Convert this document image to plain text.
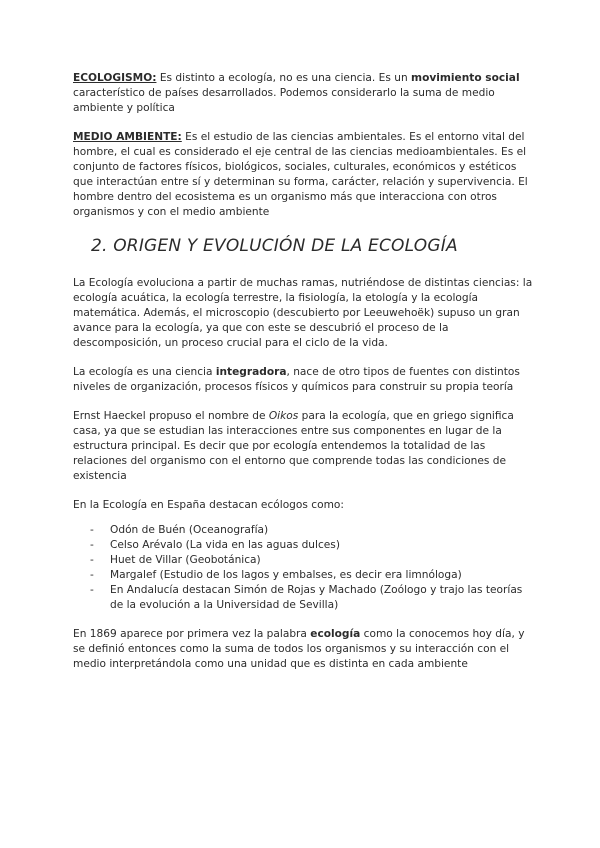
ECOLOGISMO: Es distinto a ecología, no es una ciencia. Es un movimiento social característico de países desarrollados. Podemos considerarlo la suma de medio ambiente y política

MEDIO AMBIENTE: Es el estudio de las ciencias ambientales. Es el entorno vital del hombre, el cual es considerado el eje central de las ciencias medioambientales. Es el conjunto de factores físicos, biológicos, sociales, culturales, económicos y estéticos que interactúan entre sí y determinan su forma, carácter, relación y supervivencia. El hombre dentro del ecosistema es un organismo más que interacciona con otros organismos y con el medio ambiente

2. ORIGEN Y EVOLUCIÓN DE LA ECOLOGÍA

La Ecología evoluciona a partir de muchas ramas, nutriéndose de distintas ciencias: la ecología acuática, la ecología terrestre, la fisiología, la etología y la ecología matemática. Además, el microscopio (descubierto por Leeuwehoëk) supuso un gran avance para la ecología, ya que con este se descubrió el proceso de la descomposición, un proceso crucial para el ciclo de la vida.

La ecología es una ciencia integradora, nace de otro tipos de fuentes con distintos niveles de organización, procesos físicos y químicos para construir su propia teoría

Ernst Haeckel propuso el nombre de Oikos para la ecología, que en griego significa casa, ya que se estudian las interacciones entre sus componentes en lugar de la estructura principal. Es decir que por ecología entendemos la totalidad de las relaciones del organismo con el entorno que comprende todas las condiciones de existencia

En la Ecología en España destacan ecólogos como:

- Odón de Buén (Oceanografía)
- Celso Arévalo (La vida en las aguas dulces)
- Huet de Villar (Geobotánica)
- Margalef (Estudio de los lagos y embalses, es decir era limnóloga)
- En Andalucía destacan Simón de Rojas y Machado (Zoólogo y trajo las teorías de la evolución a la Universidad de Sevilla)

En 1869 aparece por primera vez la palabra ecología como la conocemos hoy día, y se definió entonces como la suma de todos los organismos y su interacción con el medio interpretándola como una unidad que es distinta en cada ambiente
